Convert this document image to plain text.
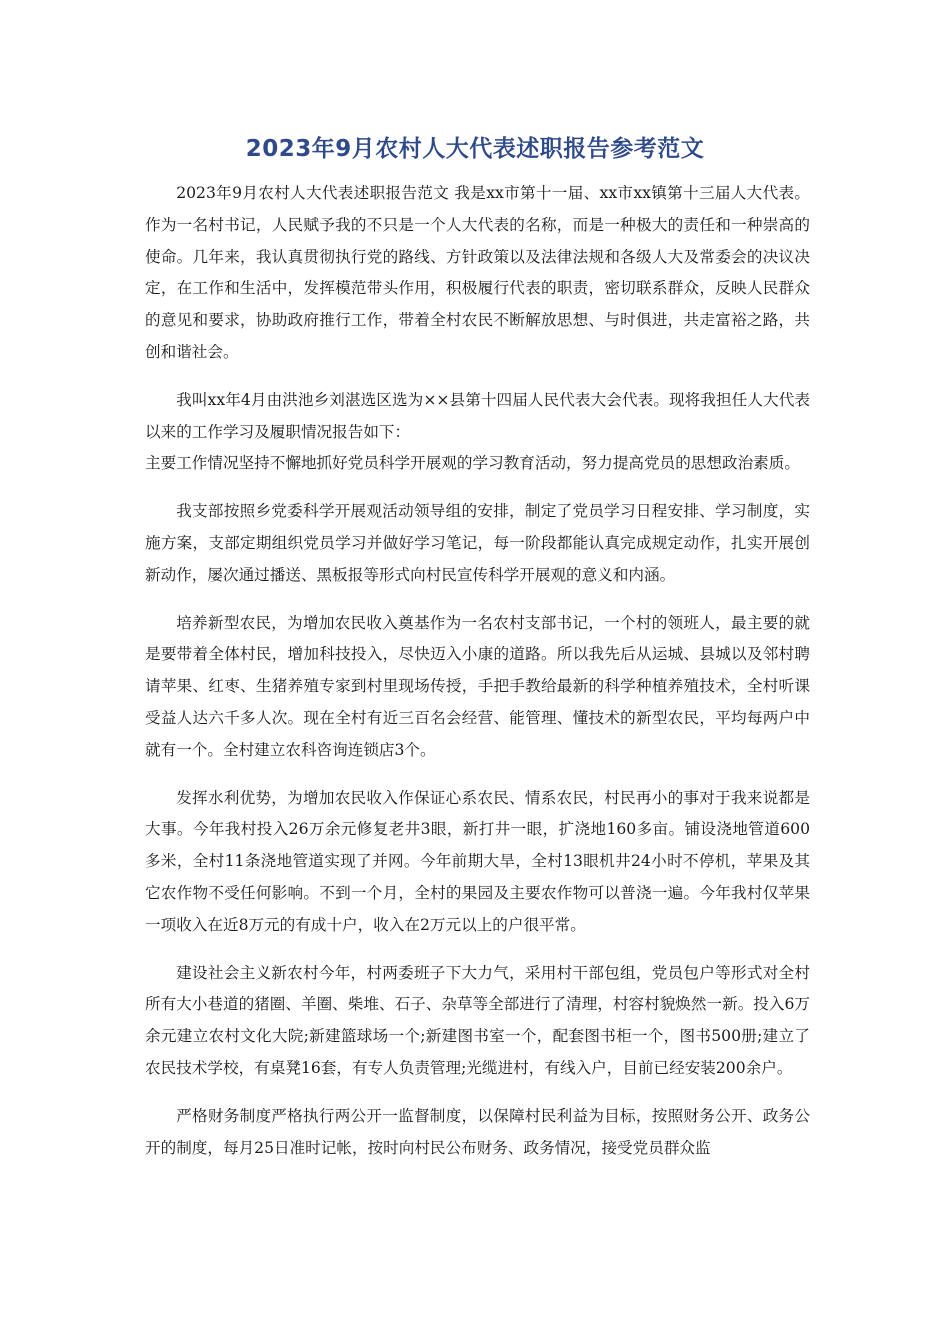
2023年9月农村人大代表述职报告参考范文

2023年9月农村人大代表述职报告范文 我是xx市第十一届、xx市xx镇第十三届人大代表。作为一名村书记，人民赋予我的不只是一个人大代表的名称，而是一种极大的责任和一种崇高的使命。几年来，我认真贯彻执行党的路线、方针政策以及法律法规和各级人大及常委会的决议决定，在工作和生活中，发挥模范带头作用，积极履行代表的职责，密切联系群众，反映人民群众的意见和要求，协助政府推行工作，带着全村农民不断解放思想、与时俱进，共走富裕之路，共创和谐社会。

我叫xx年4月由洪池乡刘湛选区选为××县第十四届人民代表大会代表。现将我担任人大代表以来的工作学习及履职情况报告如下：
主要工作情况坚持不懈地抓好党员科学开展观的学习教育活动，努力提高党员的思想政治素质。

我支部按照乡党委科学开展观活动领导组的安排，制定了党员学习日程安排、学习制度，实施方案，支部定期组织党员学习并做好学习笔记，每一阶段都能认真完成规定动作，扎实开展创新动作，屡次通过播送、黑板报等形式向村民宣传科学开展观的意义和内涵。

培养新型农民，为增加农民收入奠基作为一名农村支部书记，一个村的领班人，最主要的就是要带着全体村民，增加科技投入，尽快迈入小康的道路。所以我先后从运城、县城以及邻村聘请苹果、红枣、生猪养殖专家到村里现场传授，手把手教给最新的科学种植养殖技术，全村听课受益人达六千多人次。现在全村有近三百名会经营、能管理、懂技术的新型农民，平均每两户中就有一个。全村建立农科咨询连锁店3个。

发挥水利优势，为增加农民收入作保证心系农民、情系农民，村民再小的事对于我来说都是大事。今年我村投入26万余元修复老井3眼，新打井一眼，扩浇地160多亩。铺设浇地管道600多米，全村11条浇地管道实现了并网。今年前期大旱，全村13眼机井24小时不停机，苹果及其它农作物不受任何影响。不到一个月，全村的果园及主要农作物可以普浇一遍。今年我村仅苹果一项收入在近8万元的有成十户，收入在2万元以上的户很平常。

建设社会主义新农村今年，村两委班子下大力气，采用村干部包组，党员包户等形式对全村所有大小巷道的猪圈、羊圈、柴堆、石子、杂草等全部进行了清理，村容村貌焕然一新。投入6万余元建立农村文化大院;新建篮球场一个;新建图书室一个，配套图书柜一个，图书500册;建立了农民技术学校，有桌凳16套，有专人负责管理;光缆进村，有线入户，目前已经安装200余户。

严格财务制度严格执行两公开一监督制度，以保障村民利益为目标，按照财务公开、政务公开的制度，每月25日准时记帐，按时向村民公布财务、政务情况，接受党员群众监
